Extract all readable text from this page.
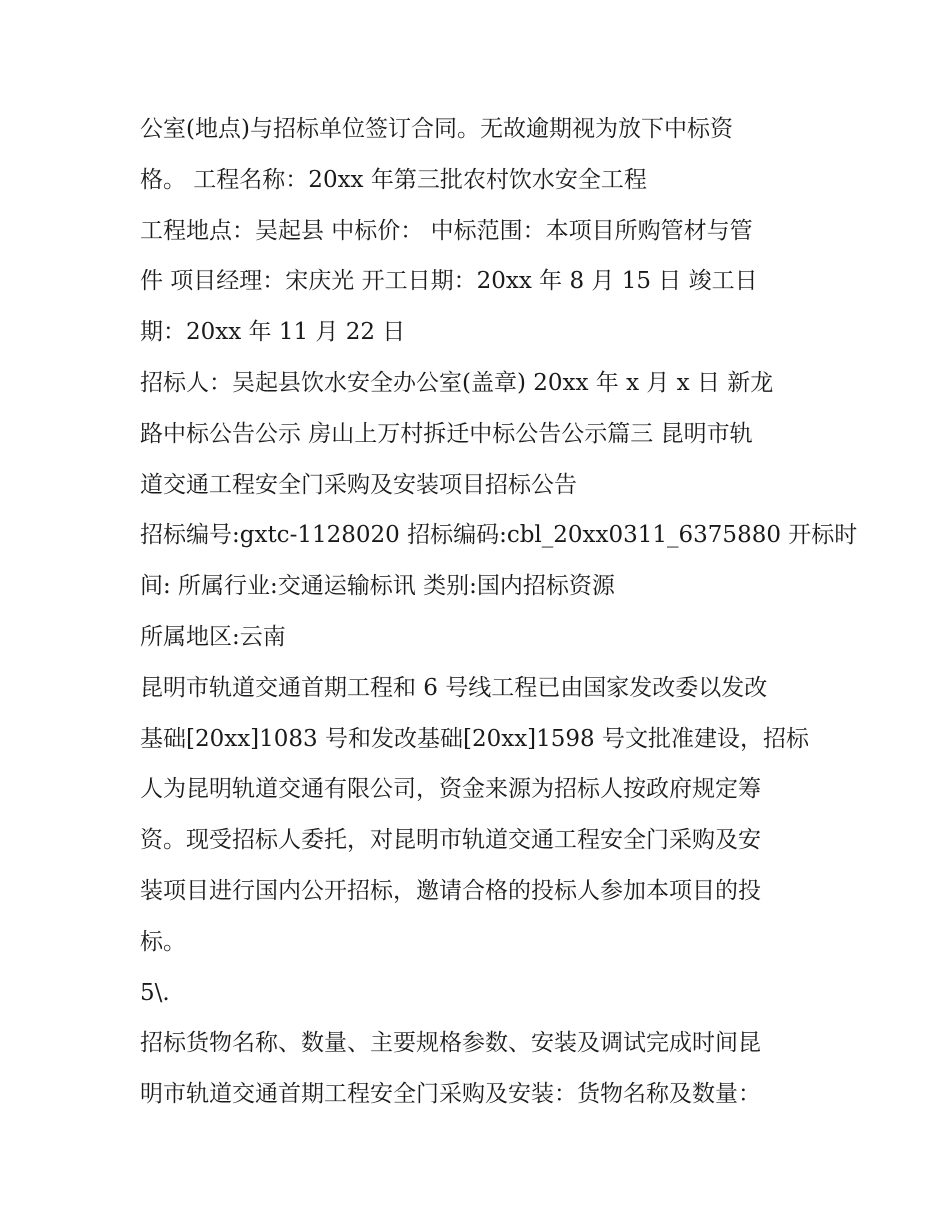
公室(地点)与招标单位签订合同。无故逾期视为放下中标资
格。 工程名称：20xx 年第三批农村饮水安全工程
工程地点：吴起县 中标价： 中标范围：本项目所购管材与管
件 项目经理：宋庆光 开工日期：20xx 年 8 月 15 日 竣工日
期：20xx 年 11 月 22 日
招标人：吴起县饮水安全办公室(盖章) 20xx 年 x 月 x 日 新龙
路中标公告公示 房山上万村拆迁中标公告公示篇三 昆明市轨
道交通工程安全门采购及安装项目招标公告
招标编号:gxtc-1128020 招标编码:cbl_20xx0311_6375880 开标时
间: 所属行业:交通运输标讯 类别:国内招标资源
所属地区:云南
昆明市轨道交通首期工程和 6 号线工程已由国家发改委以发改
基础[20xx]1083 号和发改基础[20xx]1598 号文批准建设，招标
人为昆明轨道交通有限公司，资金来源为招标人按政府规定筹
资。现受招标人委托，对昆明市轨道交通工程安全门采购及安
装项目进行国内公开招标，邀请合格的投标人参加本项目的投
标。
5\.
招标货物名称、数量、主要规格参数、安装及调试完成时间昆
明市轨道交通首期工程安全门采购及安装：货物名称及数量：
